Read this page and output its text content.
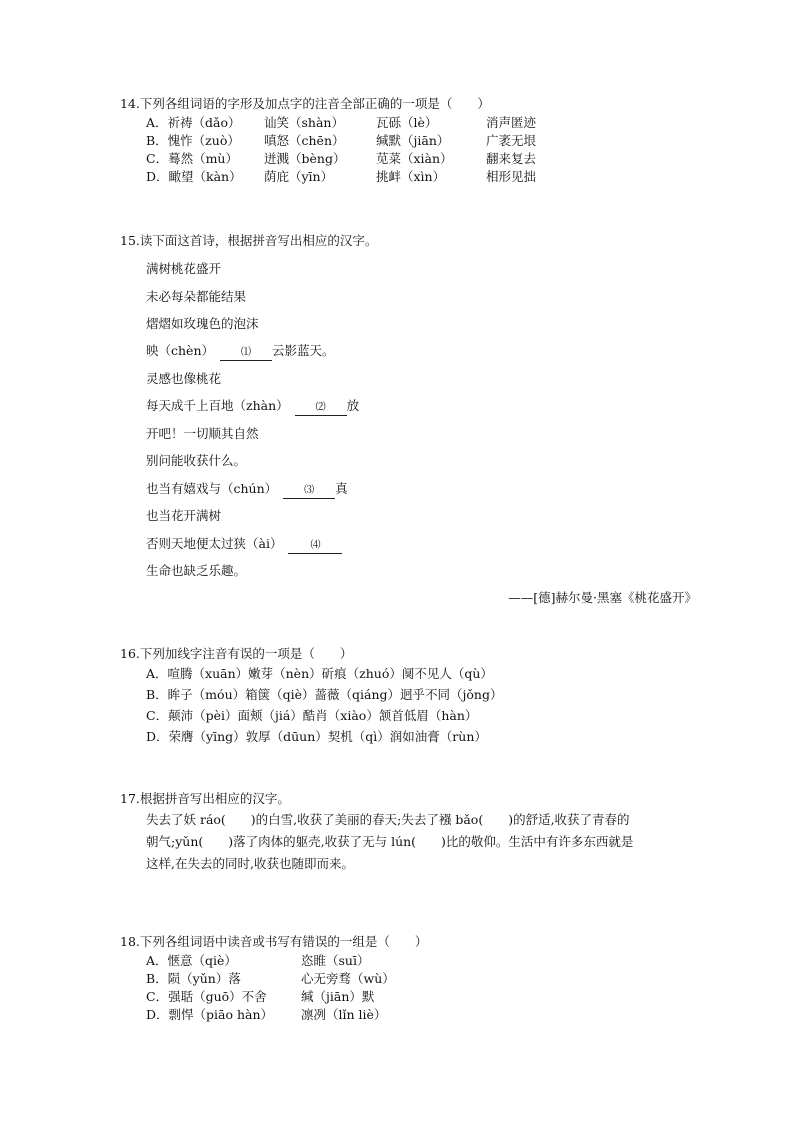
14.下列各组词语的字形及加点字的注音全部正确的一项是（　　）
A．祈祷（dǎo） 讪笑（shàn）	瓦砾（lè）	消声匿迹
B．愧怍（zuò） 嗔怒（chēn）	缄默（jiān）	广袤无垠
C．蓦然（mù） 迸溅（bèng） 苋菜（xiàn）	翻来复去
D．瞰望（kàn） 荫庇（yīn）	挑衅（xìn）	相形见拙
15.读下面这首诗，根据拼音写出相应的汉字。
满树桃花盛开
未必每朵都能结果
熠熠如玫瑰色的泡沫
映（chèn）	⑴ 云影蓝天。
灵感也像桃花
每天成千上百地（zhàn）	⑵ 放
开吧！一切顺其自然
别问能收获什么。
也当有嬉戏与（chún）	⑶ 真
也当花开满树
否则天地便太过狭（ài）	⑷
生命也缺乏乐趣。
——[德]赫尔曼·黑塞《桃花盛开》
16.下列加线字注音有误的一项是（　　）
A．喧腾（xuān）嫩芽（nèn）斫痕（zhuó）阒不见人（qù）
B．眸子（móu）箱箧（qiè）蔷薇（qiáng）迥乎不同（jǒng）
C．颠沛（pèi）面颊（jiá）酷肖（xiào）颔首低眉（hàn）
D．荣膺（yīng）敦厚（dūun）契机（qì）润如油膏（rùn）
17.根据拼音写出相应的汉字。
失去了妖 ráo(　　)的白雪,收获了美丽的春天;失去了襁 bǎo(　　)的舒适,收获了青春的
朝气;yǔn(　　)落了肉体的躯壳,收获了无与 lún(　　)比的敬仰。生活中有许多东西就是
这样,在失去的同时,收获也随即而来。
18.下列各组词语中读音或书写有错误的一组是（　　）
A．惬意（qiè）	恣睢（suī）
B．陨（yǔn）落	心无旁骛（wù）
C．强聒（guō）不舍	缄（jiān）默
D．剽悍（piāo hàn） 凛冽（lǐn liè）
